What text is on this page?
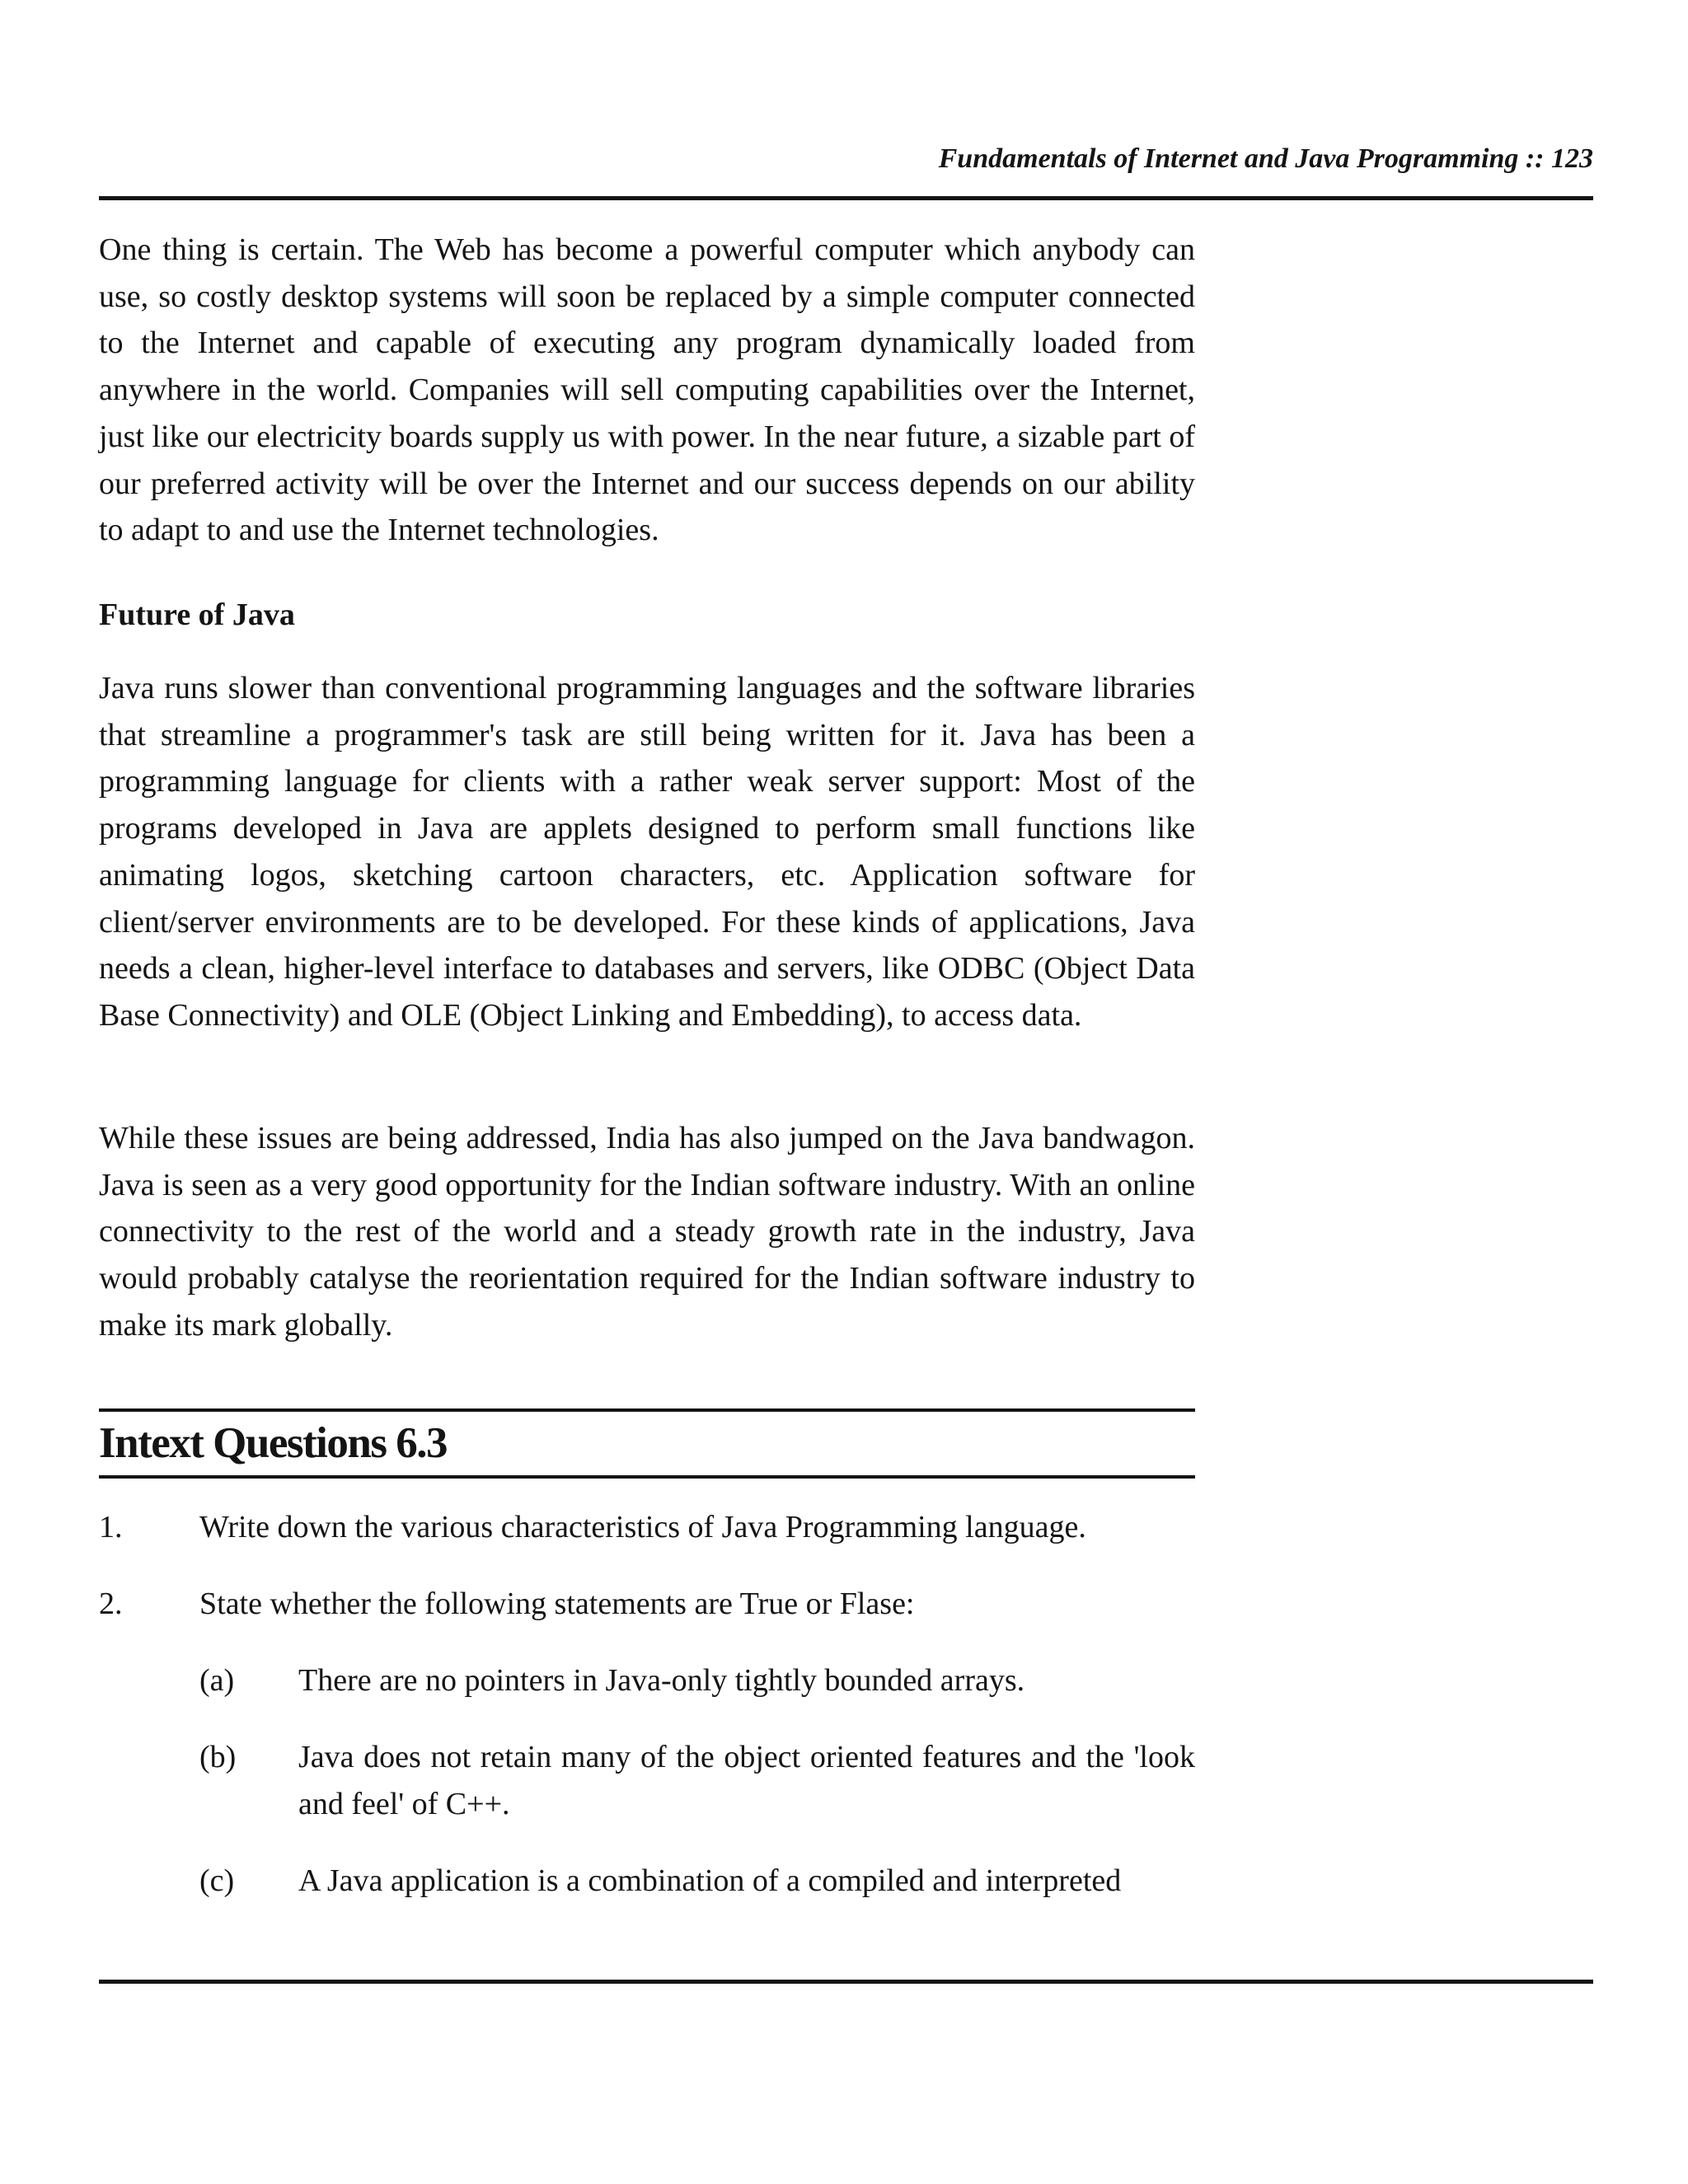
Fundamentals of Internet and Java Programming :: 123

One thing is certain. The Web has become a powerful computer which anybody can use, so costly desktop systems will soon be replaced by a simple computer connected to the Internet and capable of executing any program dynamically loaded from anywhere in the world. Companies will sell computing capabilities over the Internet, just like our electricity boards supply us with power. In the near future, a sizable part of our preferred activity will be over the Internet and our success depends on our ability to adapt to and use the Internet technologies.

Future of Java

Java runs slower than conventional programming languages and the software libraries that streamline a programmer's task are still being written for it. Java has been a programming language for clients with a rather weak server support: Most of the programs developed in Java are applets designed to perform small functions like animating logos, sketching cartoon characters, etc. Application software for client/server environments are to be developed. For these kinds of applications, Java needs a clean, higher-level interface to databases and servers, like ODBC (Object Data Base Connectivity) and OLE (Object Linking and Embedding), to access data.

While these issues are being addressed, India has also jumped on the Java bandwagon. Java is seen as a very good opportunity for the Indian software industry. With an online connectivity to the rest of the world and a steady growth rate in the industry, Java would probably catalyse the reorientation required for the Indian software industry to make its mark globally.

Intext Questions 6.3
1. Write down the various characteristics of Java Programming language.
2. State whether the following statements are True or Flase:
(a) There are no pointers in Java-only tightly bounded arrays.
(b) Java does not retain many of the object oriented features and the 'look and feel' of C++.
(c) A Java application is a combination of a compiled and interpreted
